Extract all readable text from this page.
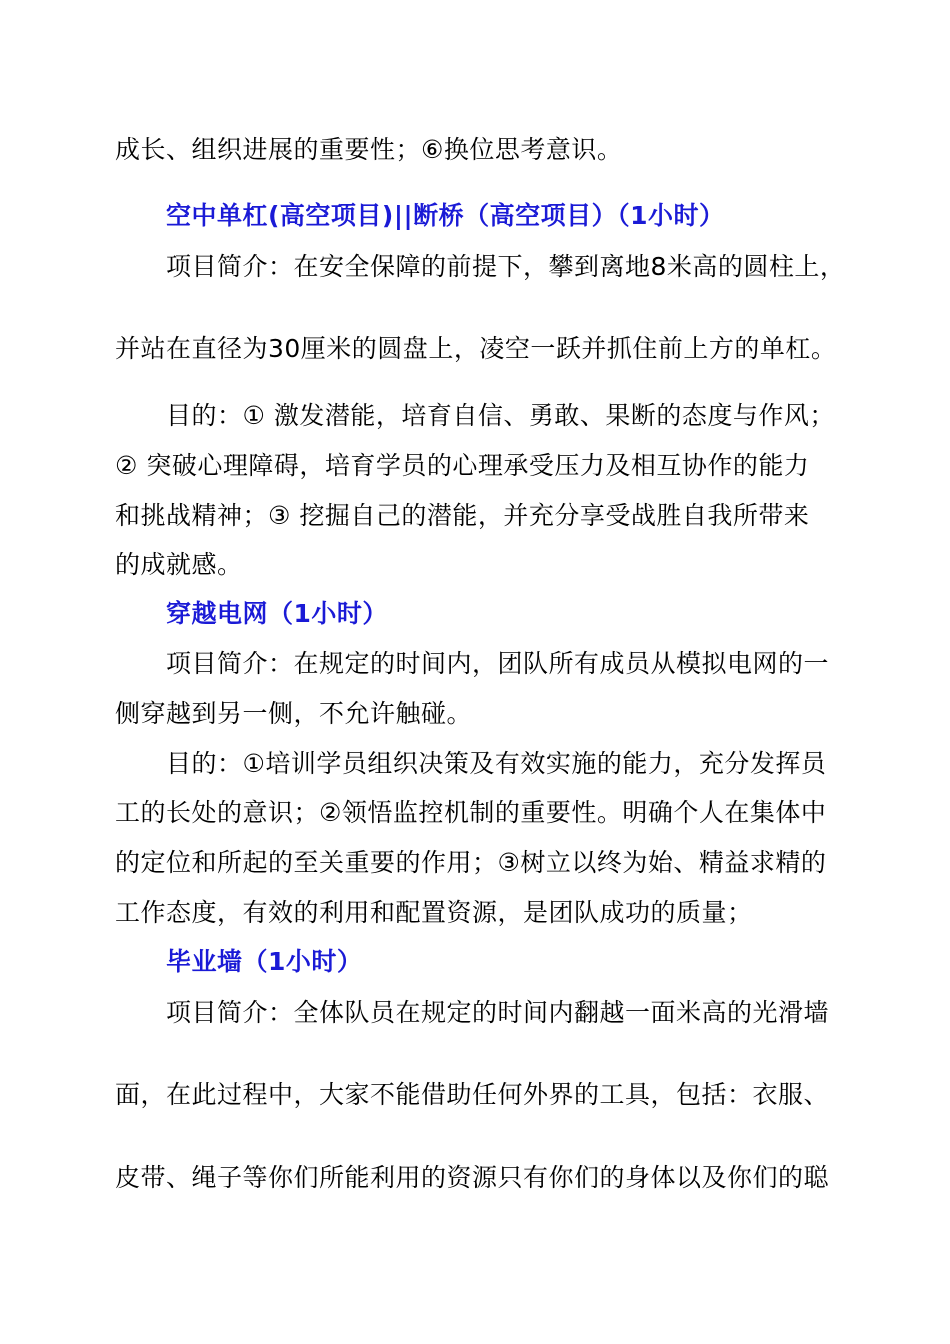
成长、组织进展的重要性；⑥换位思考意识。
空中单杠(高空项目)||断桥（高空项目）（1小时）
项目简介：在安全保障的前提下，攀到离地8米高的圆柱上，
并站在直径为30厘米的圆盘上，凌空一跃并抓住前上方的单杠。
目的：① 激发潜能，培育自信、勇敢、果断的态度与作风；
② 突破心理障碍，培育学员的心理承受压力及相互协作的能力
和挑战精神；③ 挖掘自己的潜能，并充分享受战胜自我所带来
的成就感。
穿越电网（1小时）
项目简介：在规定的时间内，团队所有成员从模拟电网的一
侧穿越到另一侧，不允许触碰。
目的：①培训学员组织决策及有效实施的能力，充分发挥员
工的长处的意识；②领悟监控机制的重要性。明确个人在集体中
的定位和所起的至关重要的作用；③树立以终为始、精益求精的
工作态度，有效的利用和配置资源，是团队成功的质量；
毕业墙（1小时）
项目简介：全体队员在规定的时间内翻越一面米高的光滑墙
面，在此过程中，大家不能借助任何外界的工具，包括：衣服、
皮带、绳子等你们所能利用的资源只有你们的身体以及你们的聪
